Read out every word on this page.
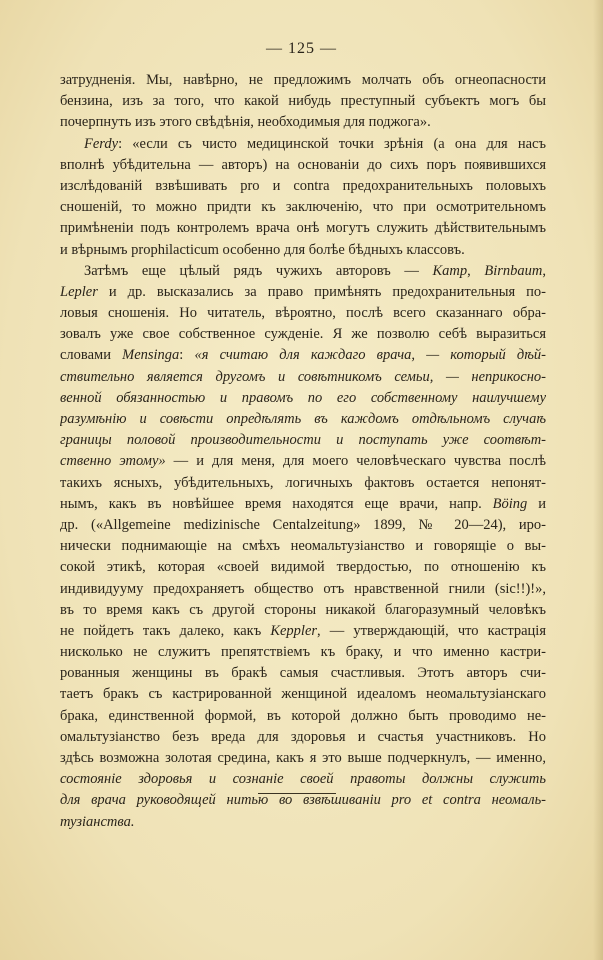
— 125 —
затрудненія. Мы, навѣрно, не предложимъ молчать объ огнеопасности
бензина, изъ за того, что какой нибудь преступный субъектъ могъ бы
почерпнуть изъ этого свѣдѣнія, необходимыя для поджога».
Ferdy: «если съ чисто медицинской точки зрѣнія (а она для насъ
вполнѣ убѣдительна — авторъ) на основаніи до сихъ поръ появившихся
изслѣдованій взвѣшивать pro и contra предохранительныхъ половыхъ
сношеній, то можно придти къ заключенію, что при осмотрительномъ
примѣненіи подъ контролемъ врача онѣ могутъ служить дѣйствительнымъ
и вѣрнымъ prophilacticum особенно для болѣе бѣдныхъ классовъ.
Затѣмъ еще цѣлый рядъ чужихъ авторовъ — Kamp, Birnbaum,
Lepler и др. высказались за право примѣнять предохранительныя по-
ловыя сношенія. Но читатель, вѣроятно, послѣ всего сказаннаго обра-
зовалъ уже свое собственное сужденіе. Я же позволю себѣ выразиться
словами Mensinga: «я считаю для каждаго врача, — который дѣй-
ствительно является другомъ и совѣтникомъ семьи, — неприкосно-
венной обязанностью и правомъ по его собственному наилучшему
разумѣнію и совѣсти опредѣлять въ каждомъ отдѣльномъ случаѣ
границы половой производительности и поступать уже соотвѣт-
ственно этому» — и для меня, для моего человѣческаго чувства послѣ
такихъ ясныхъ, убѣдительныхъ, логичныхъ фактовъ остается непонят-
нымъ, какъ въ новѣйшее время находятся еще врачи, напр. Böing и
др. («Allgemeine medizinische Centalzeitung» 1899, № 20—24), иро-
нически поднимающіе на смѣхъ неомальтузіанство и говорящіе о вы-
сокой этикѣ, которая «своей видимой твердостью, по отношенію къ
индивидууму предохраняетъ общество отъ нравственной гнили (sic!!)!»,
въ то время какъ съ другой стороны никакой благоразумный человѣкъ
не пойдетъ такъ далеко, какъ Keppler, — утверждающій, что кастрація
нисколько не служитъ препятствіемъ къ браку, и что именно кастри-
рованныя женщины въ бракѣ самыя счастливыя. Этотъ авторъ счи-
таетъ бракъ съ кастрированной женщиной идеаломъ неомальтузіанскаго
брака, единственной формой, въ которой должно быть проводимо не-
омальтузіанство безъ вреда для здоровья и счастья участниковъ. Но
здѣсь возможна золотая средина, какъ я это выше подчеркнулъ, — именно,
состояніе здоровья и сознаніе своей правоты должны служить
для врача руководящей нитью во взвѣшиваніи pro et contra неомаль-
тузіанства.
